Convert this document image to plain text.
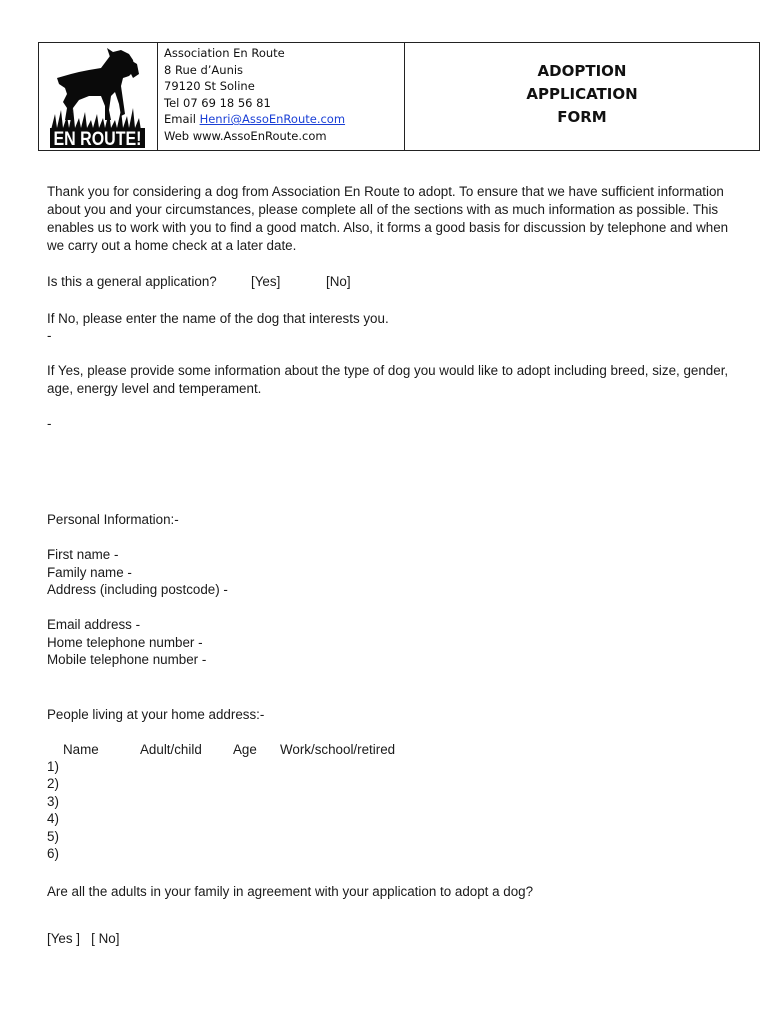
EN ROUTE!
Association En Route
8 Rue d’Aunis
79120 St Soline
Tel 07 69 18 56 81
Email Henri@AssoEnRoute.com
Web www.AssoEnRoute.com
ADOPTION
APPLICATION
FORM
Thank you for considering a dog from Association En Route to adopt. To ensure that we have sufficient information about you and your circumstances, please complete all of the sections with as much information as possible. This enables us to work with you to find a good match. Also, it forms a good basis for discussion by telephone and when we carry out a home check at a later date.
Is this a general application?	[Yes]	[No]
If No, please enter the name of the dog that interests you.
-
If Yes, please provide some information about the type of dog you would like to adopt including breed, size, gender, age, energy level and temperament.
-
Personal Information:-
First name -
Family name -
Address (including postcode) -
Email address -
Home telephone number -
Mobile telephone number -
People living at your home address:-
Name	Adult/child Age Work/school/retired
1)
2)
3)
4)
5)
6)
Are all the adults in your family in agreement with your application to adopt a dog?
[Yes ]   [ No]
